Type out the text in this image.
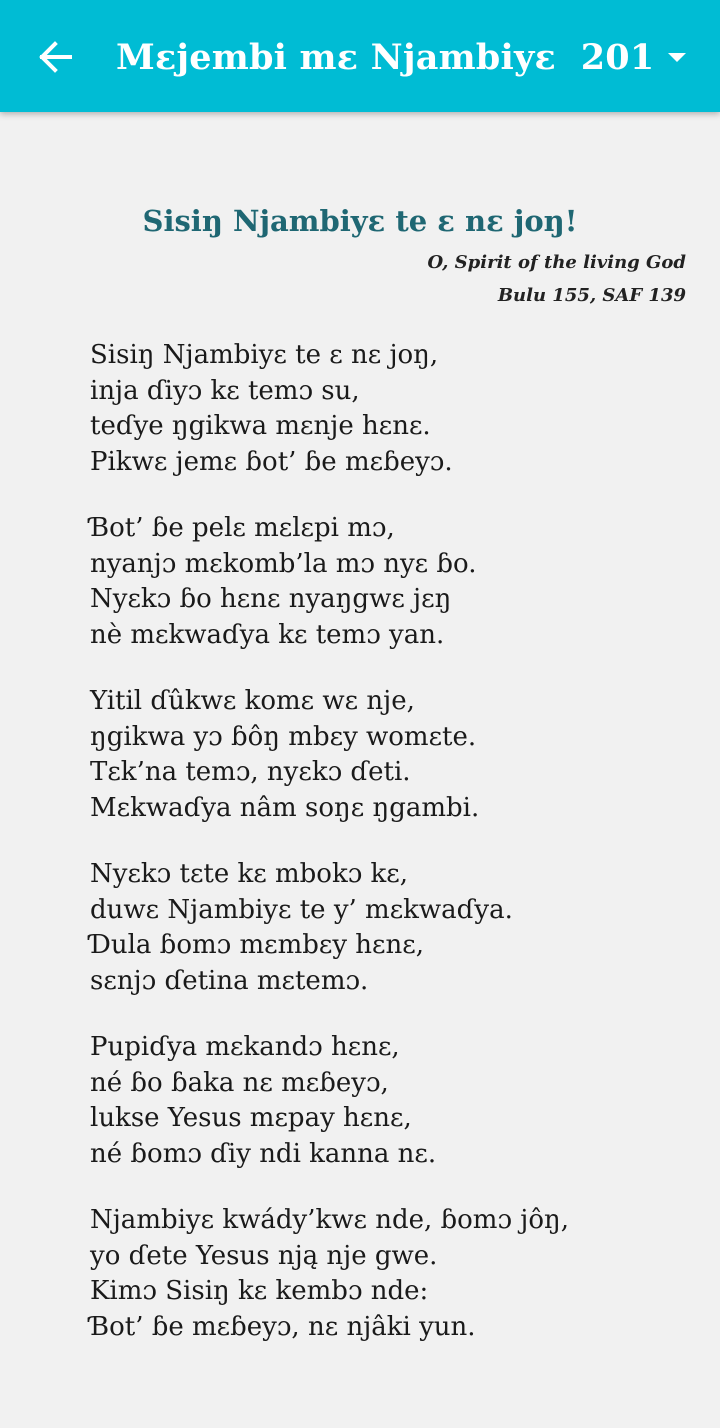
Mɛjembi mɛ Njambiyɛ  201
Sisiŋ Njambiyɛ te ɛ nɛ joŋ!
O, Spirit of the living God
Bulu 155, SAF 139
Sisiŋ Njambiyɛ te ɛ nɛ joŋ,
inja ɗiyɔ kɛ temɔ su,
teɗye ŋgikwa mɛnje hɛnɛ.
Pikwɛ jemɛ ɓot’ ɓe mɛɓeyɔ.
Ɓot’ ɓe pelɛ mɛlɛpi mɔ,
nyanjɔ mɛkomb’la mɔ nyɛ ɓo.
Nyɛkɔ ɓo hɛnɛ nyaŋgwɛ jɛŋ
nè mɛkwaɗya kɛ temɔ yan.
Yitil ɗûkwɛ komɛ wɛ nje,
ŋgikwa yɔ ɓôŋ mbɛy womɛte.
Tɛk’na temɔ, nyɛkɔ ɗeti.
Mɛkwaɗya nâm soŋɛ ŋgambi.
Nyɛkɔ tɛte kɛ mbokɔ kɛ,
duwɛ Njambiyɛ te y’ mɛkwaɗya.
Ɗula ɓomɔ mɛmbɛy hɛnɛ,
sɛnjɔ ɗetina mɛtemɔ.
Pupiɗya mɛkandɔ hɛnɛ,
né ɓo ɓaka nɛ mɛɓeyɔ,
lukse Yesus mɛpay hɛnɛ,
né ɓomɔ ɗiy ndi kanna nɛ.
Njambiyɛ kwády’kwɛ nde, ɓomɔ jôŋ,
yo ɗete Yesus nją nje gwe.
Kimɔ Sisiŋ kɛ kembɔ nde:
Ɓot’ ɓe mɛɓeyɔ, nɛ njâki yun.
